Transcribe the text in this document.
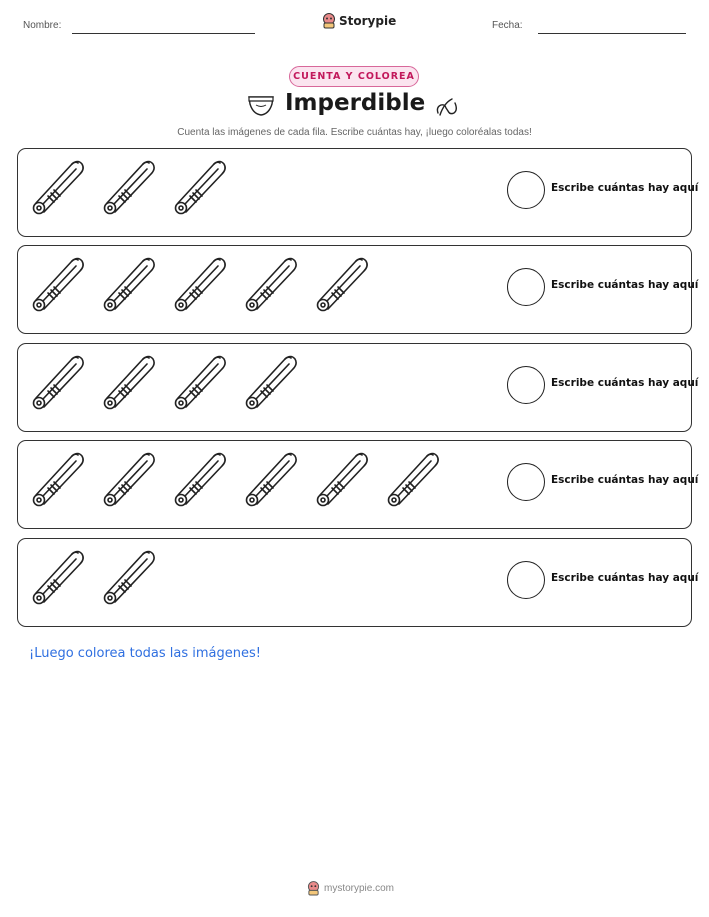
Nombre:	Storypie	Fecha:
CUENTA Y COLOREA
Imperdible
Cuenta las imágenes de cada fila. Escribe cuántas hay, ¡luego coloréalas todas!
Escribe cuántas hay aquí
Escribe cuántas hay aquí
Escribe cuántas hay aquí
Escribe cuántas hay aquí
Escribe cuántas hay aquí
¡Luego colorea todas las imágenes!
mystorypie.com
